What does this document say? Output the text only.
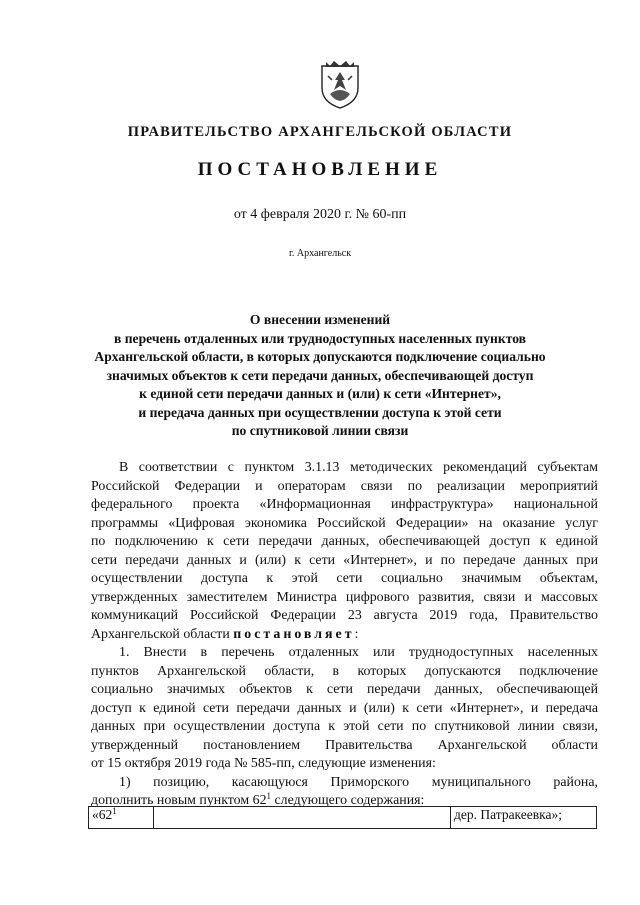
ПРАВИТЕЛЬСТВО АРХАНГЕЛЬСКОЙ ОБЛАСТИ
ПОСТАНОВЛЕНИЕ
от 4 февраля 2020 г. № 60-пп
г. Архангельск
О внесении изменений
в перечень отдаленных или труднодоступных населенных пунктов
Архангельской области, в которых допускаются подключение социально
значимых объектов к сети передачи данных, обеспечивающей доступ
к единой сети передачи данных и (или) к сети «Интернет»,
и передача данных при осуществлении доступа к этой сети
по спутниковой линии связи
В соответствии с пунктом 3.1.13 методических рекомендаций субъектам
Российской Федерации и операторам связи по реализации мероприятий
федерального проекта «Информационная инфраструктура» национальной
программы «Цифровая экономика Российской Федерации» на оказание услуг
по подключению к сети передачи данных, обеспечивающей доступ к единой
сети передачи данных и (или) к сети «Интернет», и по передаче данных при
осуществлении доступа к этой сети социально значимым объектам,
утвержденных заместителем Министра цифрового развития, связи и массовых
коммуникаций Российской Федерации 23 августа 2019 года, Правительство
Архангельской области постановляет:
1. Внести в перечень отдаленных или труднодоступных населенных
пунктов Архангельской области, в которых допускаются подключение
социально значимых объектов к сети передачи данных, обеспечивающей
доступ к единой сети передачи данных и (или) к сети «Интернет», и передача
данных при осуществлении доступа к этой сети по спутниковой линии связи,
утвержденный постановлением Правительства Архангельской области
от 15 октября 2019 года № 585-пп, следующие изменения:
1) позицию, касающуюся Приморского муниципального района,
дополнить новым пунктом $62^1$ следующего содержания:
«$62^1$		дер. Патракеевка»;
